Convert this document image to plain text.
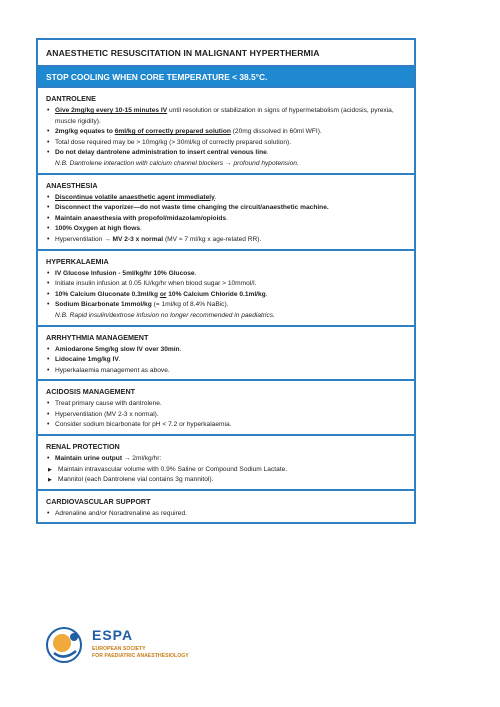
ANAESTHETIC RESUSCITATION IN MALIGNANT HYPERTHERMIA
STOP COOLING WHEN CORE TEMPERATURE < 38.5°C.
DANTROLENE
• Give 2mg/kg every 10-15 minutes IV until resolution or stabilization in signs of hypermetabolism (acidosis, pyrexia, muscle rigidity).
• 2mg/kg equates to 6ml/kg of correctly prepared solution (20mg dissolved in 60ml WFI).
• Total dose required may be > 10mg/kg (> 30ml/kg of correctly prepared solution).
• Do not delay dantrolene administration to insert central venous line.
N.B. Dantrolene interaction with calcium channel blockers → profound hypotension.
ANAESTHESIA
• Discontinue volatile anaesthetic agent immediately.
• Disconnect the vaporizer—do not waste time changing the circuit/anaesthetic machine.
• Maintain anaesthesia with propofol/midazolam/opioids.
• 100% Oxygen at high flows.
• Hyperventilation → MV 2-3 x normal (MV ≈ 7 ml/kg x age-related RR).
HYPERKALAEMIA
• IV Glucose Infusion - 5ml/kg/hr 10% Glucose.
• Initiate insulin infusion at 0.05 IU/kg/hr when blood sugar > 10mmol/l.
• 10% Calcium Gluconate 0.3ml/kg or 10% Calcium Chloride 0.1ml/kg.
• Sodium Bicarbonate 1mmol/kg (= 1ml/kg of 8.4% NaBic).
N.B. Rapid insulin/dextrose infusion no longer recommended in paediatrics.
ARRHYTHMIA MANAGEMENT
• Amiodarone 5mg/kg slow IV over 30min.
• Lidocaine 1mg/kg IV.
• Hyperkalaemia management as above.
ACIDOSIS MANAGEMENT
• Treat primary cause with dantrolene.
• Hyperventilation (MV 2-3 x normal).
• Consider sodium bicarbonate for pH < 7.2 or hyperkalaemia.
RENAL PROTECTION
• Maintain urine output → 2ml/kg/hr:
▶ Maintain intravascular volume with 0.9% Saline or Compound Sodium Lactate.
▶ Mannitol (each Dantrolene vial contains 3g mannitol).
CARDIOVASCULAR SUPPORT
• Adrenaline and/or Noradrenaline as required.
ESPA
EUROPEAN SOCIETY
FOR PAEDIATRIC ANAESTHESIOLOGY
